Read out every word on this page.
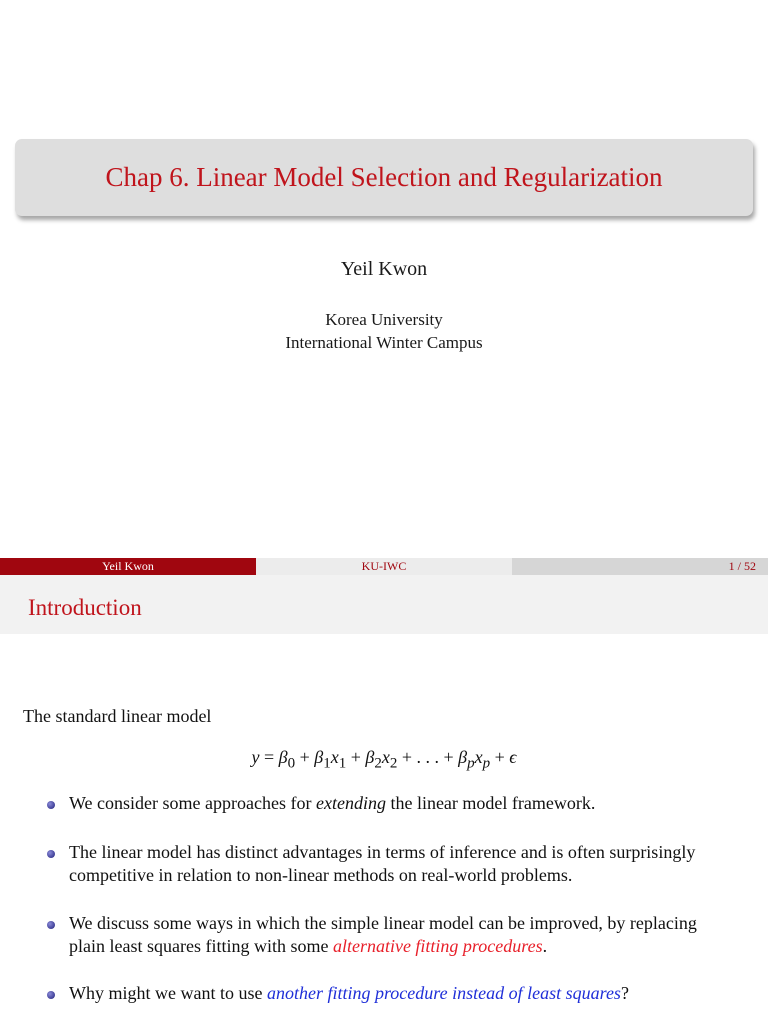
Chap 6. Linear Model Selection and Regularization
Yeil Kwon
Korea University
International Winter Campus
Yeil Kwon	KU-IWC	1 / 52
Introduction
The standard linear model
$y = \beta_0 + \beta_1x_1 + \beta_2x_2$ + . . . + $\beta_px_p + \epsilon$
We consider some approaches for extending the linear model framework.
The linear model has distinct advantages in terms of inference and is often surprisingly competitive in relation to non-linear methods on real-world problems.
We discuss some ways in which the simple linear model can be improved, by replacing plain least squares fitting with some alternative fitting procedures.
Why might we want to use another fitting procedure instead of least squares?
